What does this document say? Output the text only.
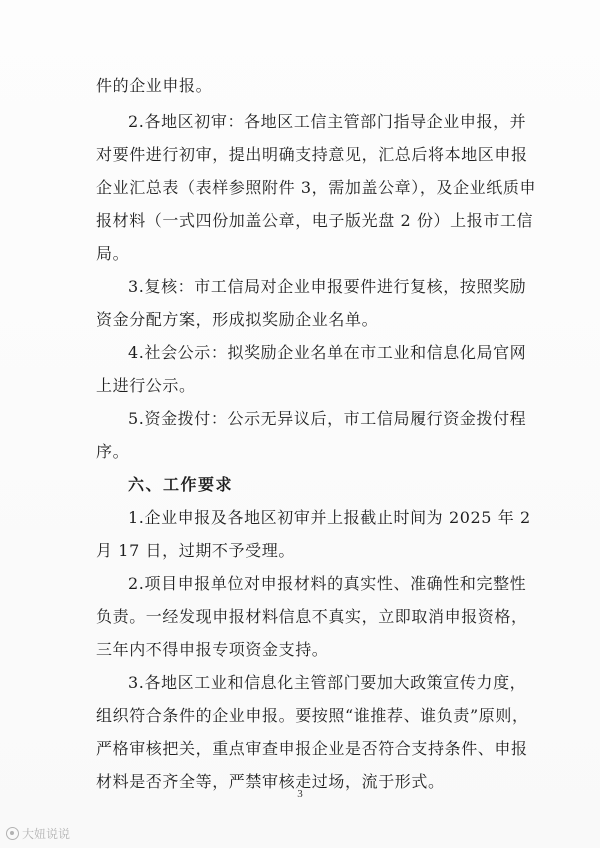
件的企业申报。
2.各地区初审：各地区工信主管部门指导企业申报，并
对要件进行初审，提出明确支持意见，汇总后将本地区申报
企业汇总表（表样参照附件 3，需加盖公章），及企业纸质申
报材料（一式四份加盖公章，电子版光盘 2 份）上报市工信
局。
3.复核：市工信局对企业申报要件进行复核，按照奖励
资金分配方案，形成拟奖励企业名单。
4.社会公示：拟奖励企业名单在市工业和信息化局官网
上进行公示。
5.资金拨付：公示无异议后，市工信局履行资金拨付程
序。
六、工作要求
1.企业申报及各地区初审并上报截止时间为 2025 年 2
月 17 日，过期不予受理。
2.项目申报单位对申报材料的真实性、准确性和完整性
负责。一经发现申报材料信息不真实，立即取消申报资格，
三年内不得申报专项资金支持。
3.各地区工业和信息化主管部门要加大政策宣传力度，
组织符合条件的企业申报。要按照“谁推荐、谁负责”原则，
严格审核把关，重点审查申报企业是否符合支持条件、申报
材料是否齐全等，严禁审核走过场，流于形式。
3
大妞说说
